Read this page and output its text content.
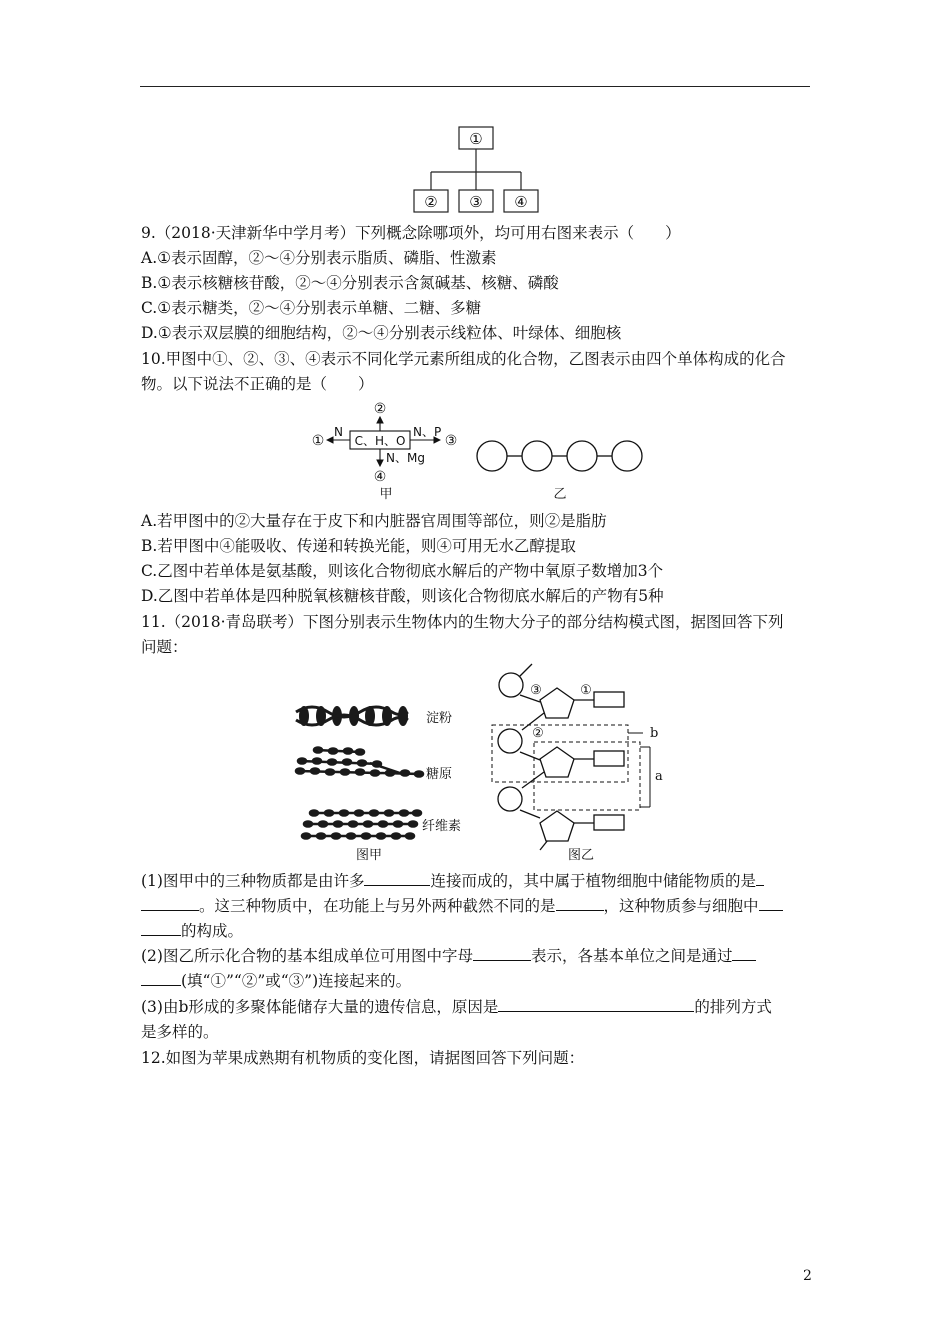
①
② ③ ④
9.（2018·天津新华中学月考）下列概念除哪项外，均可用右图来表示（　　）
A.①表示固醇，②～④分别表示脂质、磷脂、性激素
B.①表示核糖核苷酸，②～④分别表示含氮碱基、核糖、磷酸
C.①表示糖类，②～④分别表示单糖、二糖、多糖
D.①表示双层膜的细胞结构，②～④分别表示线粒体、叶绿体、细胞核
10.甲图中①、②、③、④表示不同化学元素所组成的化合物，乙图表示由四个单体构成的化合
物。以下说法不正确的是（　　）
C、H、O
N	N、P
N、Mg
①
②
③
④
甲	乙
A.若甲图中的②大量存在于皮下和内脏器官周围等部位，则②是脂肪
B.若甲图中④能吸收、传递和转换光能，则④可用无水乙醇提取
C.乙图中若单体是氨基酸，则该化合物彻底水解后的产物中氧原子数增加3个
D.乙图中若单体是四种脱氧核糖核苷酸，则该化合物彻底水解后的产物有5种
11.（2018·青岛联考）下图分别表示生物体内的生物大分子的部分结构模式图，据图回答下列
问题：
淀粉
糖原
纤维素
图甲	图乙
③	①
②	b
a
(1)图甲中的三种物质都是由许多	连接而成的，其中属于植物细胞中储能物质的是
。这三种物质中，在功能上与另外两种截然不同的是	，这种物质参与细胞中
的构成。
(2)图乙所示化合物的基本组成单位可用图中字母	表示，各基本单位之间是通过
(填“①”“②”或“③”)连接起来的。
(3)由b形成的多聚体能储存大量的遗传信息，原因是	的排列方式
是多样的。
12.如图为苹果成熟期有机物质的变化图，请据图回答下列问题：
2
